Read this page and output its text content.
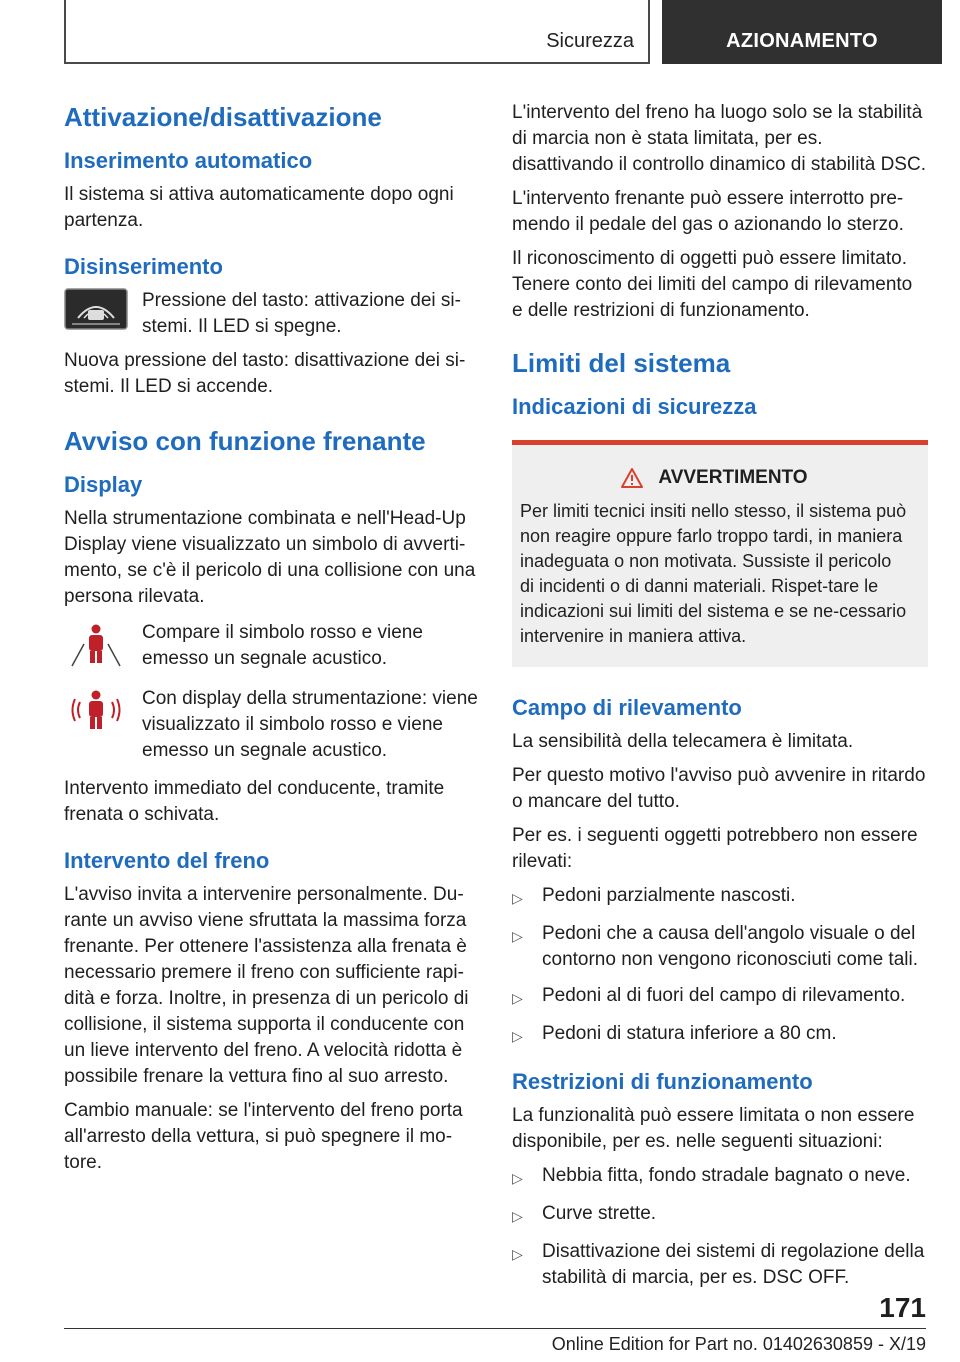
Sicurezza	AZIONAMENTO
Attivazione/disattivazione
Inserimento automatico

Il sistema si attiva automaticamente dopo ogni partenza.

Disinserimento
Pressione del tasto: attivazione dei si-stemi. Il LED si spegne.

Nuova pressione del tasto: disattivazione dei si-stemi. Il LED si accende.

Avviso con funzione frenante
Display

Nella strumentazione combinata e nell'Head-Up Display viene visualizzato un simbolo di avverti-mento, se c'è il pericolo di una collisione con una persona rilevata.

Compare il simbolo rosso e viene emesso un segnale acustico.
Con display della strumentazione: viene visualizzato il simbolo rosso e viene emesso un segnale acustico.

Intervento immediato del conducente, tramite frenata o schivata.

Intervento del freno

L'avviso invita a intervenire personalmente. Du-rante un avviso viene sfruttata la massima forza frenante. Per ottenere l'assistenza alla frenata è necessario premere il freno con sufficiente rapi-dità e forza. Inoltre, in presenza di un pericolo di collisione, il sistema supporta il conducente con un lieve intervento del freno. A velocità ridotta è possibile frenare la vettura fino al suo arresto.

Cambio manuale: se l'intervento del freno porta all'arresto della vettura, si può spegnere il mo-tore.

L'intervento del freno ha luogo solo se la stabilità di marcia non è stata limitata, per es. disattivando il controllo dinamico di stabilità DSC.

L'intervento frenante può essere interrotto pre-mendo il pedale del gas o azionando lo sterzo.

Il riconoscimento di oggetti può essere limitato. Tenere conto dei limiti del campo di rilevamento e delle restrizioni di funzionamento.

Limiti del sistema
Indicazioni di sicurezza
AVVERTIMENTO
Per limiti tecnici insiti nello stesso, il sistema può non reagire oppure farlo troppo tardi, in maniera inadeguata o non motivata. Sussiste il pericolo di incidenti o di danni materiali. Rispet-tare le indicazioni sui limiti del sistema e se ne-cessario intervenire in maniera attiva.
Campo di rilevamento

La sensibilità della telecamera è limitata.

Per questo motivo l'avviso può avvenire in ritardo o mancare del tutto.

Per es. i seguenti oggetti potrebbero non essere rilevati:

▷	Pedoni parzialmente nascosti.
▷	Pedoni che a causa dell'angolo visuale o del contorno non vengono riconosciuti come tali.
▷	Pedoni al di fuori del campo di rilevamento.
▷	Pedoni di statura inferiore a 80 cm.
Restrizioni di funzionamento

La funzionalità può essere limitata o non essere disponibile, per es. nelle seguenti situazioni:

▷	Nebbia fitta, fondo stradale bagnato o neve.
▷	Curve strette.
▷	Disattivazione dei sistemi di regolazione della stabilità di marcia, per es. DSC OFF.
171
Online Edition for Part no. 01402630859 - X/19
